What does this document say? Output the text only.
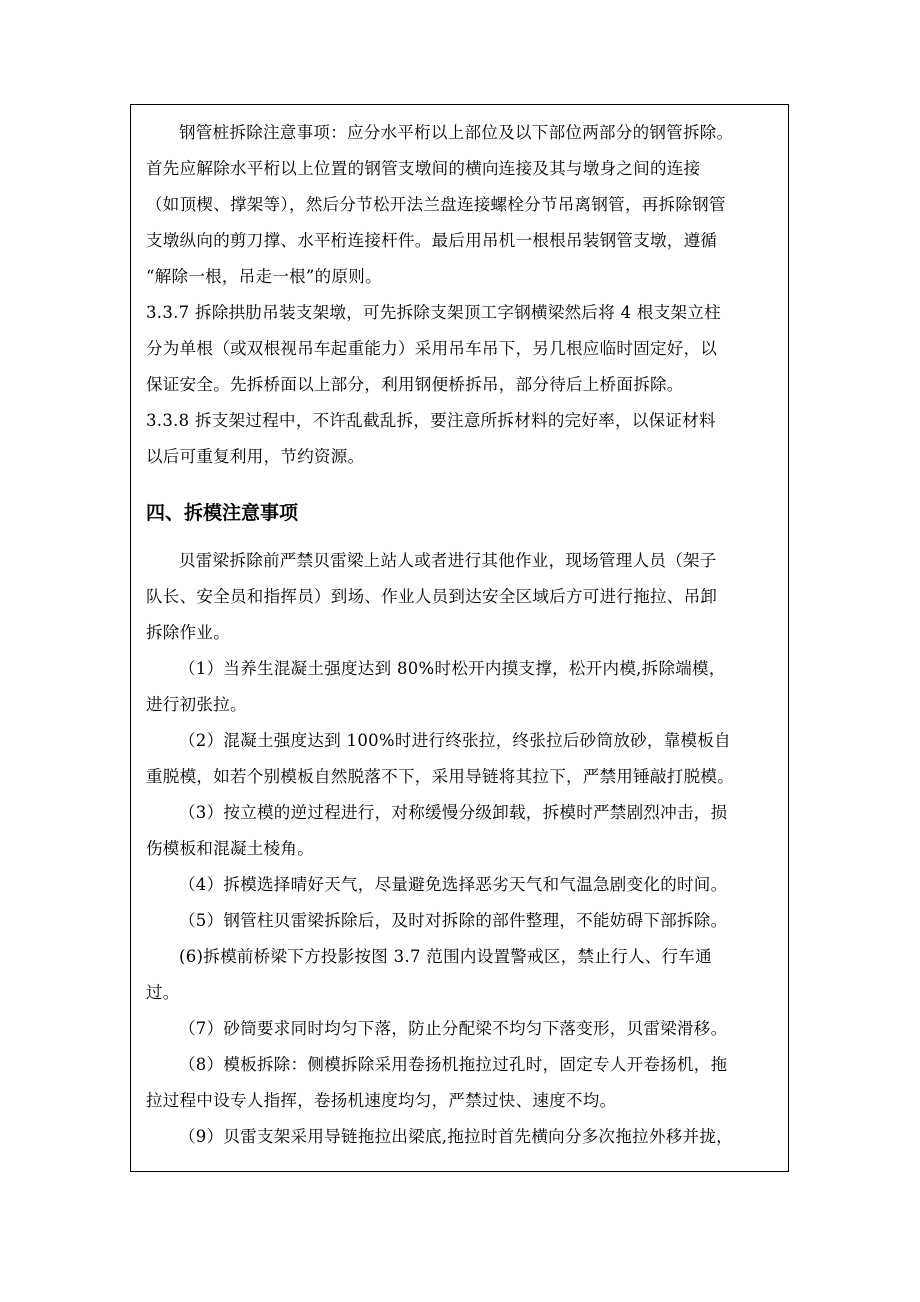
钢管桩拆除注意事项：应分水平桁以上部位及以下部位两部分的钢管拆除。
首先应解除水平桁以上位置的钢管支墩间的横向连接及其与墩身之间的连接
（如顶楔、撑架等），然后分节松开法兰盘连接螺栓分节吊离钢管，再拆除钢管
支墩纵向的剪刀撑、水平桁连接杆件。最后用吊机一根根吊装钢管支墩，遵循
“解除一根，吊走一根”的原则。
3.3.7 拆除拱肋吊装支架墩，可先拆除支架顶工字钢横梁然后将 4 根支架立柱
分为单根（或双根视吊车起重能力）采用吊车吊下，另几根应临时固定好，以
保证安全。先拆桥面以上部分，利用钢便桥拆吊，部分待后上桥面拆除。
3.3.8 拆支架过程中，不许乱截乱拆，要注意所拆材料的完好率，以保证材料
以后可重复利用，节约资源。
四、拆模注意事项
贝雷梁拆除前严禁贝雷梁上站人或者进行其他作业，现场管理人员（架子
队长、安全员和指挥员）到场、作业人员到达安全区域后方可进行拖拉、吊卸
拆除作业。
（1）当养生混凝土强度达到 80%时松开内摸支撑，松开内模,拆除端模，
进行初张拉。
（2）混凝土强度达到 100%时进行终张拉，终张拉后砂筒放砂，靠模板自
重脱模，如若个别模板自然脱落不下，采用导链将其拉下，严禁用锤敲打脱模。
（3）按立模的逆过程进行，对称缓慢分级卸载，拆模时严禁剧烈冲击，损
伤模板和混凝土棱角。
（4）拆模选择晴好天气，尽量避免选择恶劣天气和气温急剧变化的时间。
（5）钢管柱贝雷梁拆除后，及时对拆除的部件整理，不能妨碍下部拆除。
(6)拆模前桥梁下方投影按图 3.7 范围内设置警戒区，禁止行人、行车通
过。
（7）砂筒要求同时均匀下落，防止分配梁不均匀下落变形，贝雷梁滑移。
（8）模板拆除：侧模拆除采用卷扬机拖拉过孔时，固定专人开卷扬机，拖
拉过程中设专人指挥，卷扬机速度均匀，严禁过快、速度不均。
（9）贝雷支架采用导链拖拉出梁底,拖拉时首先横向分多次拖拉外移并拢，
